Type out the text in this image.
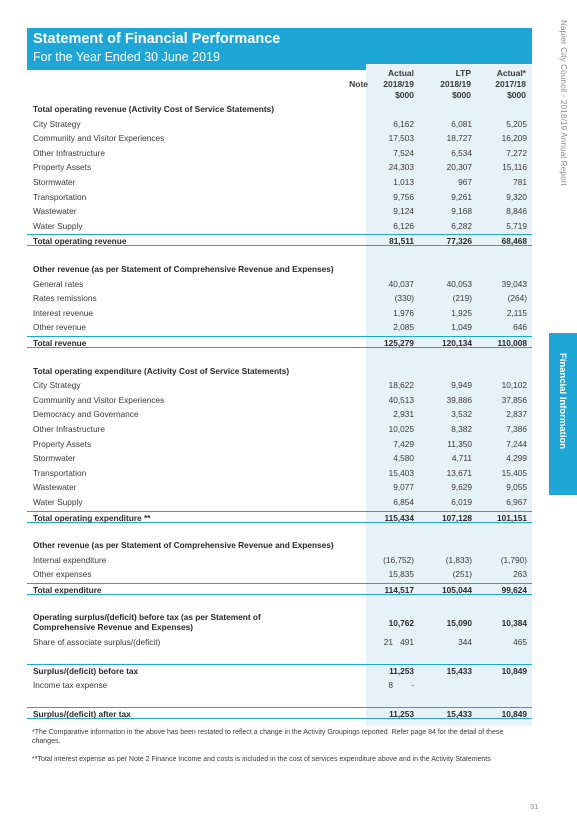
Statement of Financial Performance
For the Year Ended 30 June 2019	Napier City Council - 2018/19 Annual Report
Financial Information
Note
Actual
2018/19
$000
LTP
2018/19
$000
Actual*
2017/18
$000
Total operating revenue (Activity Cost of Service Statements)
City Strategy	6,162	6,081	5,205
Community and Visitor Experiences	17,503	18,727	16,209
Other Infrastructure	7,524	6,534	7,272
Property Assets	24,303	20,307	15,116
Stormwater	1,013	967	781
Transportation	9,756	9,261	9,320
Wastewater	9,124	9,168	8,846
Water Supply	6,126	6,282	5,719
Total operating revenue	81,511	77,326	68,468
Other revenue (as per Statement of Comprehensive Revenue and Expenses)
General rates	40,037	40,053	39,043
Rates remissions	(330)	(219)	(264)
Interest revenue	1,976	1,925	2,115
Other revenue	2,085	1,049	646
Total revenue	125,279	120,134	110,008
Total operating expenditure (Activity Cost of Service Statements)
City Strategy	18,622	9,949	10,102
Community and Visitor Experiences	40,513	39,886	37,856
Democracy and Governance	2,931	3,532	2,837
Other Infrastructure	10,025	8,382	7,386
Property Assets	7,429	11,350	7,244
Stormwater	4,580	4,711	4,299
Transportation	15,403	13,671	15,405
Wastewater	9,077	9,629	9,055
Water Supply	6,854	6,019	6,967
Total operating expenditure **	115,434	107,128	101,151
Other revenue (as per Statement of Comprehensive Revenue and Expenses)
Internal expenditure	(16,752)	(1,833)	(1,790)
Other expenses	15,835	(251)	263
Total expenditure	114,517	105,044	99,624
Operating surplus/(deficit) before tax (as per Statement of
Comprehensive Revenue and Expenses)	10,762	15,090	10,384
Share of associate surplus/(deficit)	21 491	344	465
Surplus/(deficit) before tax	11,253	15,433	10,849
Income tax expense	8	-
Surplus/(deficit) after tax	11,253	15,433	10,849
*The Comparative information in the above has been restated to reflect a change in the Activity Groupings reported. Refer page 84 for the detail of these changes.
**Total interest expense as per Note 2 Finance Income and costs is included in the cost of services expenditure above and in the Activity Statements
31
